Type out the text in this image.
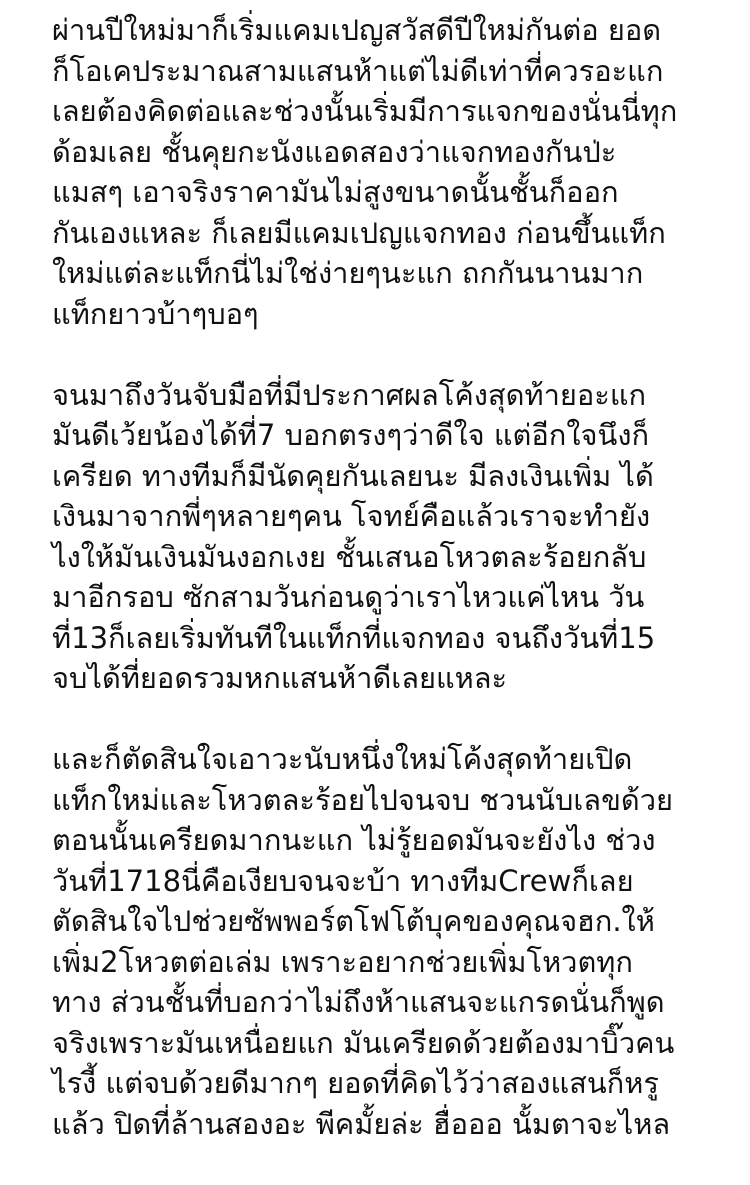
ผ่านปีใหม่มาก็เริ่มแคมเปญสวัสดีปีใหม่กันต่อ ยอด
ก็โอเคประมาณสามแสนห้าแต่ไม่ดีเท่าที่ควรอะแก
เลยต้องคิดต่อและช่วงนั้นเริ่มมีการแจกของนั่นนี่ทุก
ด้อมเลย ชั้นคุยกะนังแอดสองว่าแจกทองกันป่ะ
แมสๆ เอาจริงราคามันไม่สูงขนาดนั้นชั้นก็ออก
กันเองแหละ ก็เลยมีแคมเปญแจกทอง ก่อนขึ้นแท็ก
ใหม่แต่ละแท็กนี่ไม่ใช่ง่ายๆนะแก ถกกันนานมาก
แท็กยาวบ้าๆบอๆ
จนมาถึงวันจับมือที่มีประกาศผลโค้งสุดท้ายอะแก
มันดีเว้ยน้องได้ที่7 บอกตรงๆว่าดีใจ แต่อีกใจนึงก็
เครียด ทางทีมก็มีนัดคุยกันเลยนะ มีลงเงินเพิ่ม ได้
เงินมาจากพี่ๆหลายๆคน โจทย์คือแล้วเราจะทำยัง
ไงให้มันเงินมันงอกเงย ชั้นเสนอโหวตละร้อยกลับ
มาอีกรอบ ซักสามวันก่อนดูว่าเราไหวแค่ไหน วัน
ที่13ก็เลยเริ่มทันทีในแท็กที่แจกทอง จนถึงวันที่15
จบได้ที่ยอดรวมหกแสนห้าดีเลยแหละ
และก็ตัดสินใจเอาวะนับหนึ่งใหม่โค้งสุดท้ายเปิด
แท็กใหม่และโหวตละร้อยไปจนจบ ชวนนับเลขด้วย
ตอนนั้นเครียดมากนะแก ไม่รู้ยอดมันจะยังไง ช่วง
วันที่1718นี่คือเงียบจนจะบ้า ทางทีมCrewก็เลย
ตัดสินใจไปช่วยซัพพอร์ตโฟโต้บุคของคุณจฮก.ให้
เพิ่ม2โหวตต่อเล่ม เพราะอยากช่วยเพิ่มโหวตทุก
ทาง ส่วนชั้นที่บอกว่าไม่ถึงห้าแสนจะแกรดนั่นก็พูด
จริงเพราะมันเหนื่อยแก มันเครียดด้วยต้องมาบิ๊วคน
ไรงี้ แต่จบด้วยดีมากๆ ยอดที่คิดไว้ว่าสองแสนก็หรู
แล้ว ปิดที่ล้านสองอะ พีคมั้ยล่ะ ฮื่อออ นั้มตาจะไหล
